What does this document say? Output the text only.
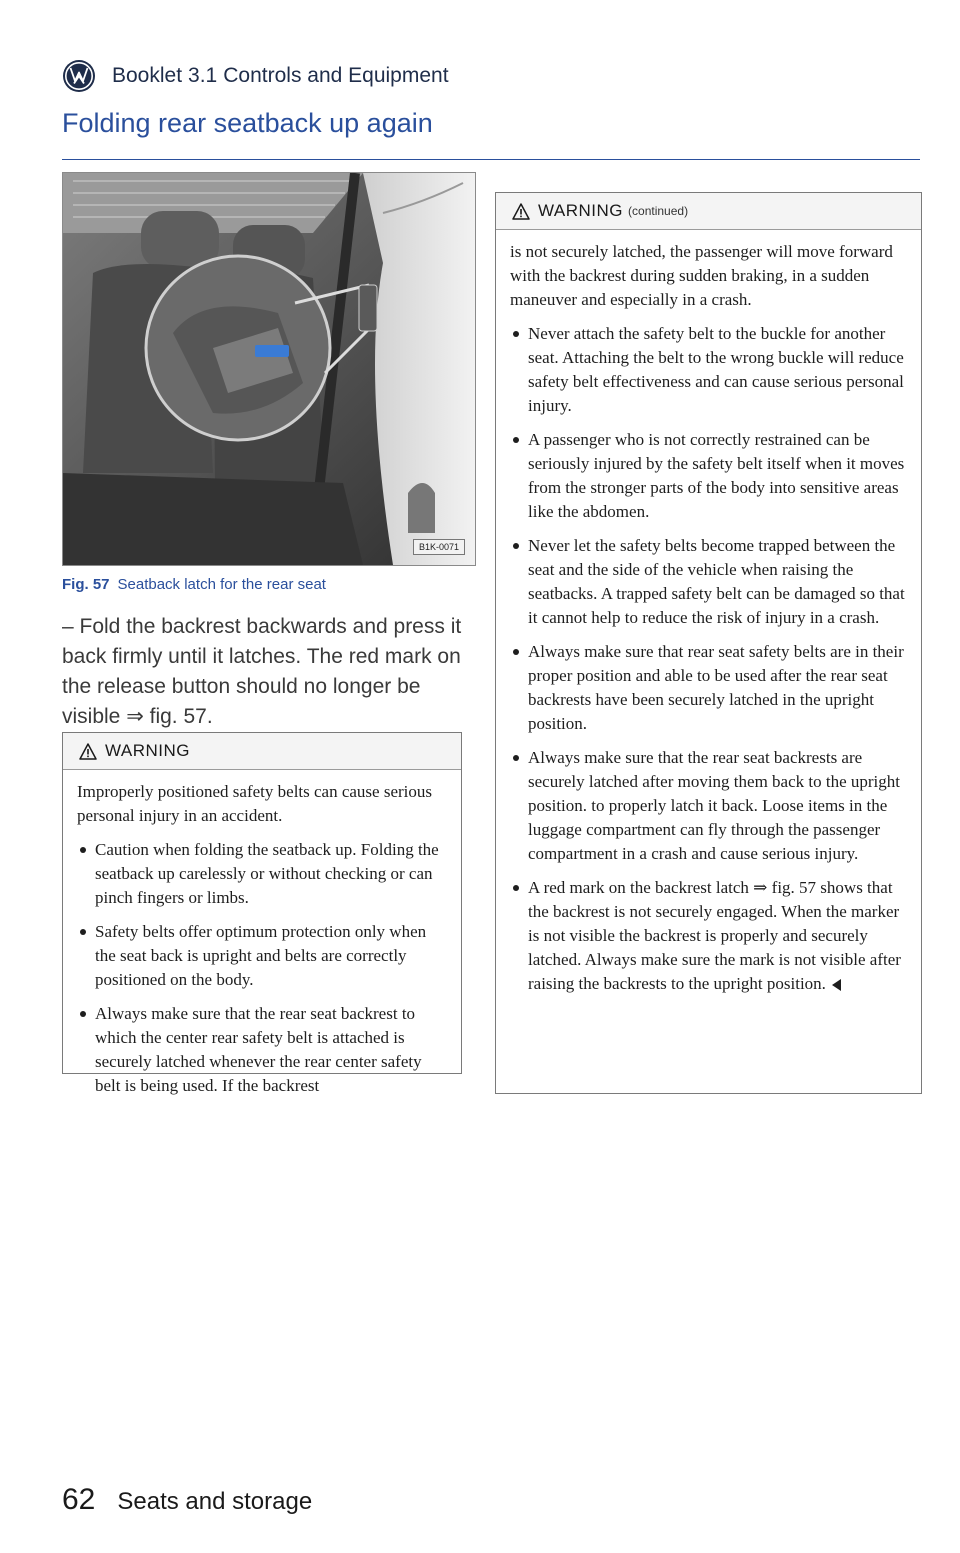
Booklet 3.1 Controls and Equipment
Folding rear seatback up again
B1K-0071
Fig. 57 Seatback latch for the rear seat

– Fold the backrest backwards and press it back firmly until it latches. The red mark on the release button should no longer be visible ⇒ fig. 57.

WARNING

Improperly positioned safety belts can cause serious personal injury in an accident.

Caution when folding the seatback up. Folding the seatback up carelessly or without checking or can pinch fingers or limbs.

Safety belts offer optimum protection only when the seat back is upright and belts are correctly positioned on the body.

Always make sure that the rear seat backrest to which the center rear safety belt is attached is securely latched whenever the rear center safety belt is being used. If the backrest

WARNING (continued)

is not securely latched, the passenger will move forward with the backrest during sudden braking, in a sudden maneuver and especially in a crash.

Never attach the safety belt to the buckle for another seat. Attaching the belt to the wrong buckle will reduce safety belt effectiveness and can cause serious personal injury.

A passenger who is not correctly restrained can be seriously injured by the safety belt itself when it moves from the stronger parts of the body into sensitive areas like the abdomen.

Never let the safety belts become trapped between the seat and the side of the vehicle when raising the seatbacks. A trapped safety belt can be damaged so that it cannot help to reduce the risk of injury in a crash.

Always make sure that rear seat safety belts are in their proper position and able to be used after the rear seat backrests have been securely latched in the upright position.

Always make sure that the rear seat backrests are securely latched after moving them back to the upright position. to properly latch it back. Loose items in the luggage compartment can fly through the passenger compartment in a crash and cause serious injury.

A red mark on the backrest latch ⇒ fig. 57 shows that the backrest is not securely engaged. When the marker is not visible the backrest is properly and securely latched. Always make sure the mark is not visible after raising the backrests to the upright position.

62 Seats and storage
